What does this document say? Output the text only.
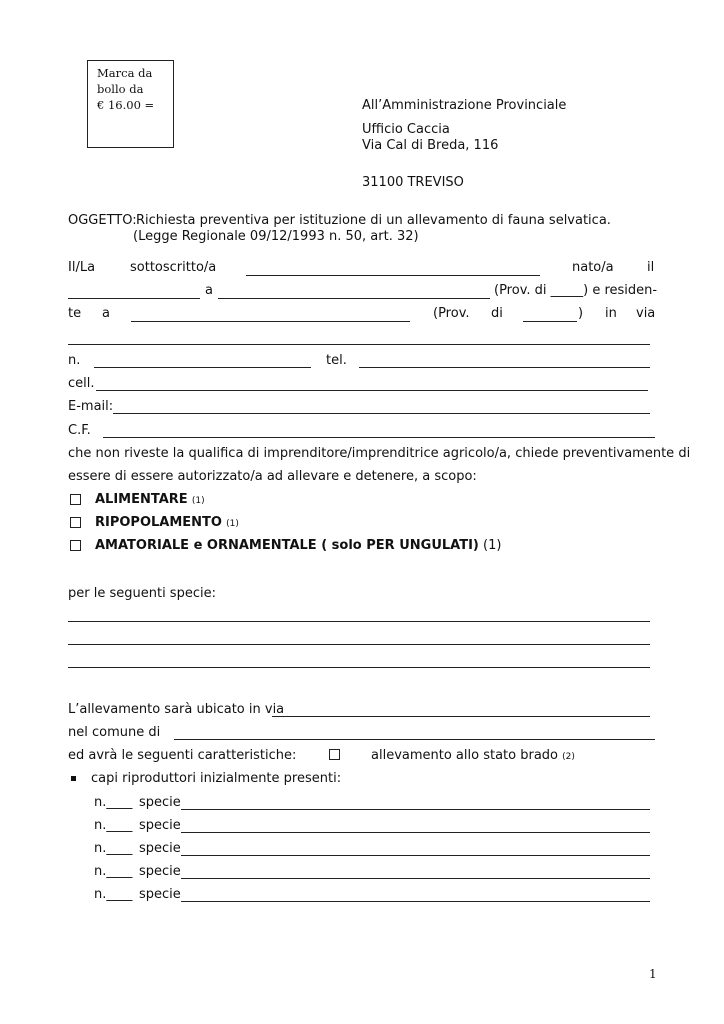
Marca da
bollo da
€ 16.00 =	All’Amministrazione Provinciale
Ufficio Caccia
Via Cal di Breda, 116
31100 TREVISO
OGGETTO: Richiesta preventiva per istituzione di un allevamento di fauna selvatica.
(Legge Regionale 09/12/1993 n. 50, art. 32)
Il/La	sottoscritto/a	nato/a	il
a	(Prov. di _____) e residen-
te a	(Prov. di	) in via
n.	tel.
cell.
E-mail:
C.F.
che non riveste la qualifica di imprenditore/imprenditrice agricolo/a, chiede preventivamente di
essere di essere autorizzato/a ad allevare e detenere, a scopo:
ALIMENTARE (1)
RIPOPOLAMENTO (1)
AMATORIALE e ORNAMENTALE ( solo PER UNGULATI) (1)
per le seguenti specie:
L’allevamento sarà ubicato in via
nel comune di
ed avrà le seguenti caratteristiche:	allevamento allo stato brado (2)
capi riproduttori inizialmente presenti:
n.____ specie
n.____ specie
n.____ specie
n.____ specie
n.____ specie
1
